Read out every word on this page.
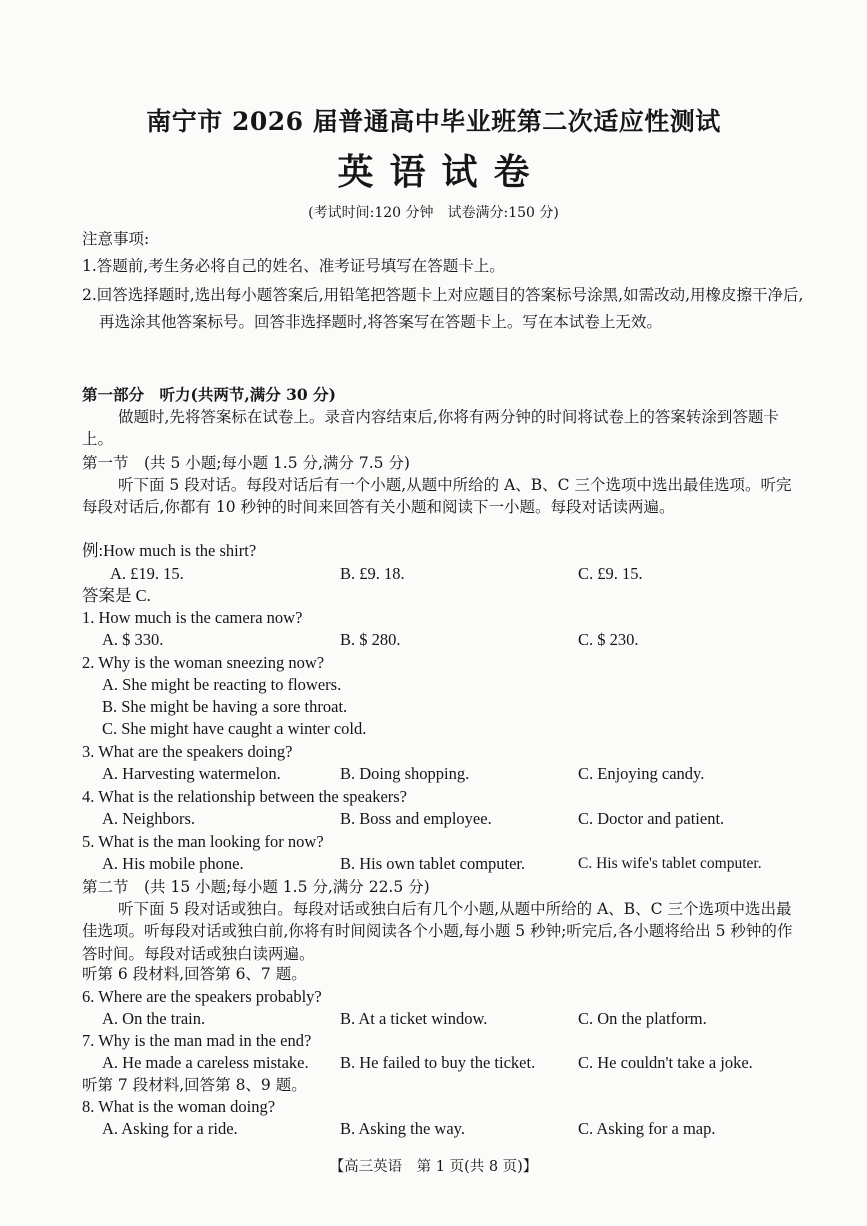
南宁市 2026 届普通高中毕业班第二次适应性测试
英语试卷
(考试时间:120 分钟　试卷满分:150 分)
注意事项:
1.答题前,考生务必将自己的姓名、准考证号填写在答题卡上。
2.回答选择题时,选出每小题答案后,用铅笔把答题卡上对应题目的答案标号涂黑,如需改动,用橡皮擦干净后,再选涂其他答案标号。回答非选择题时,将答案写在答题卡上。写在本试卷上无效。
第一部分　听力(共两节,满分 30 分)
做题时,先将答案标在试卷上。录音内容结束后,你将有两分钟的时间将试卷上的答案转涂到答题卡上。
第一节　(共 5 小题;每小题 1.5 分,满分 7.5 分)
听下面 5 段对话。每段对话后有一个小题,从题中所给的 A、B、C 三个选项中选出最佳选项。听完每段对话后,你都有 10 秒钟的时间来回答有关小题和阅读下一小题。每段对话读两遍。
例:How much is the shirt?
A. £19. 15.	B. £9. 18.	C. £9. 15.
答案是 C.
1. How much is the camera now?
A. $ 330.	B. $ 280.	C. $ 230.
2. Why is the woman sneezing now?
A. She might be reacting to flowers.
B. She might be having a sore throat.
C. She might have caught a winter cold.
3. What are the speakers doing?
A. Harvesting watermelon.	B. Doing shopping.	C. Enjoying candy.
4. What is the relationship between the speakers?
A. Neighbors.	B. Boss and employee.	C. Doctor and patient.
5. What is the man looking for now?
A. His mobile phone.	B. His own tablet computer.	C. His wife's tablet computer.
第二节　(共 15 小题;每小题 1.5 分,满分 22.5 分)
听下面 5 段对话或独白。每段对话或独白后有几个小题,从题中所给的 A、B、C 三个选项中选出最佳选项。听每段对话或独白前,你将有时间阅读各个小题,每小题 5 秒钟;听完后,各小题将给出 5 秒钟的作答时间。每段对话或独白读两遍。
听第 6 段材料,回答第 6、7 题。
6. Where are the speakers probably?
A. On the train.	B. At a ticket window.	C. On the platform.
7. Why is the man mad in the end?
A. He made a careless mistake. B. He failed to buy the ticket.	C. He couldn't take a joke.
听第 7 段材料,回答第 8、9 题。
8. What is the woman doing?
A. Asking for a ride.	B. Asking the way.	C. Asking for a map.
【高三英语　第 1 页(共 8 页)】
